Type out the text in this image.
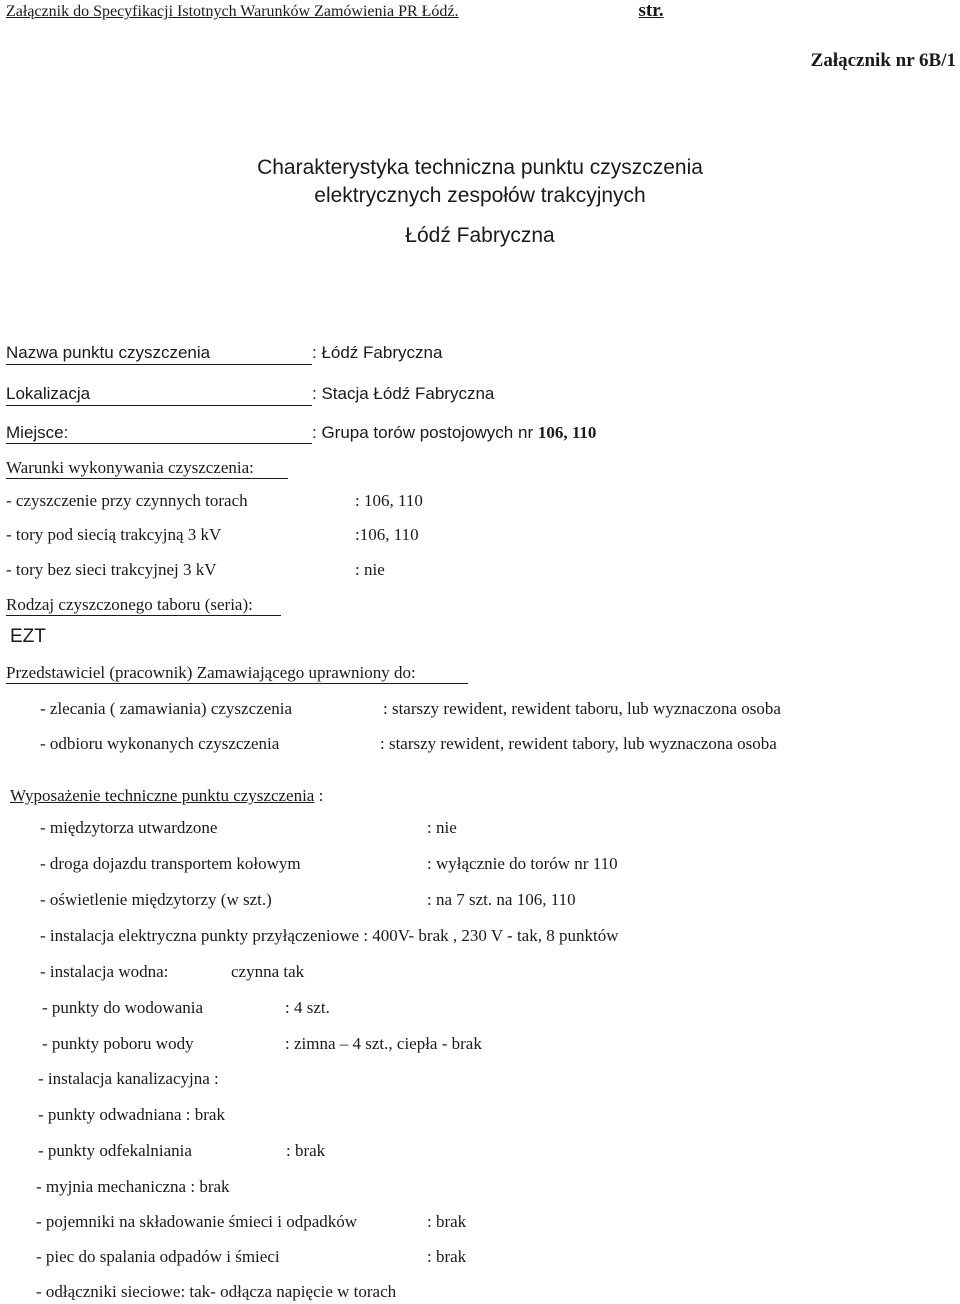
Załącznik do Specyfikacji Istotnych Warunków Zamówienia PR Łódź.	str.
Załącznik nr 6B/1
Charakterystyka techniczna punktu czyszczenia
elektrycznych zespołów trakcyjnych
Łódź Fabryczna
Nazwa punktu czyszczenia	: Łódź Fabryczna
Lokalizacja	: Stacja Łódź Fabryczna
Miejsce:	: Grupa torów postojowych nr 106, 110
Warunki wykonywania czyszczenia:
- czyszczenie przy czynnych torach	: 106, 110
- tory pod siecią trakcyjną 3 kV	:106, 110
- tory bez sieci trakcyjnej 3 kV	: nie
Rodzaj czyszczonego taboru (seria):
EZT
Przedstawiciel (pracownik) Zamawiającego uprawniony do:
- zlecania ( zamawiania) czyszczenia	: starszy rewident, rewident taboru, lub wyznaczona osoba
- odbioru wykonanych czyszczenia	: starszy rewident, rewident tabory, lub wyznaczona osoba
Wyposażenie techniczne punktu czyszczenia :
- międzytorza utwardzone	: nie
- droga dojazdu transportem kołowym	: wyłącznie do torów nr 110
- oświetlenie międzytorzy (w szt.)	: na 7 szt. na 106, 110
- instalacja elektryczna punkty przyłączeniowe : 400V- brak , 230 V - tak, 8 punktów
- instalacja wodna:	czynna tak
- punkty do wodowania	: 4 szt.
- punkty poboru wody	: zimna – 4 szt., ciepła - brak
- instalacja kanalizacyjna :
- punkty odwadniana : brak
- punkty odfekalniania	: brak
- myjnia mechaniczna : brak
- pojemniki na składowanie śmieci i odpadków	: brak
- piec do spalania odpadów i śmieci	: brak
- odłączniki sieciowe: tak- odłącza napięcie w torach
